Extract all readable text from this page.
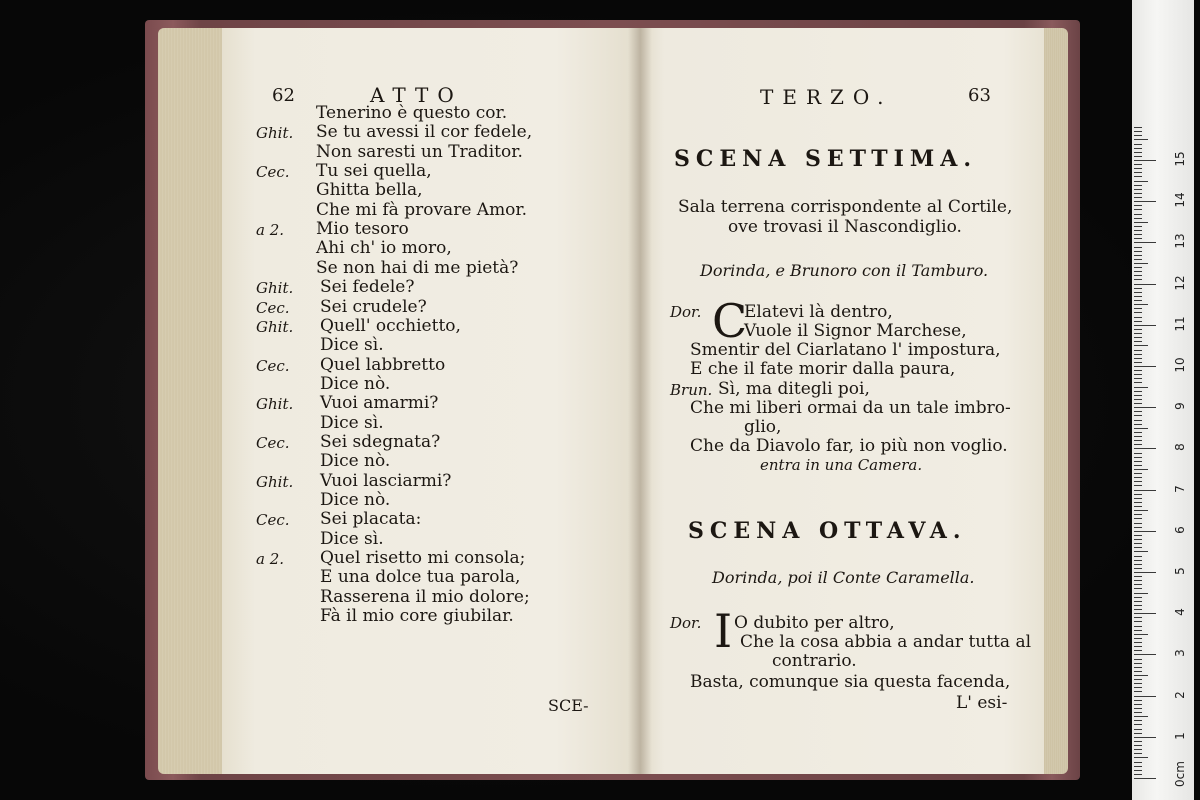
62	ATTO
Tenerino è questo cor.
Ghit. Se tu avessi il cor fedele,
Non saresti un Traditor.
Cec. Tu sei quella,
Ghitta bella,
Che mi fà provare Amor.
a 2. Mio tesoro
Ahi ch' io moro,
Se non hai di me pietà?
Ghit. Sei fedele?
Cec. Sei crudele?
Ghit. Quell' occhietto,
Dice sì.
Cec. Quel labbretto
Dice nò.
Ghit. Vuoi amarmi?
Dice sì.
Cec. Sei sdegnata?
Dice nò.
Ghit. Vuoi lasciarmi?
Dice nò.
Cec. Sei placata:
Dice sì.
a 2. Quel risetto mi consola;
E una dolce tua parola,
Rasserena il mio dolore;
Fà il mio core giubilar.
SCE-
TERZO.	63
SCENA SETTIMA.
Sala terrena corrispondente al Cortile,
ove trovasi il Nascondiglio.
Dorinda, e Brunoro con il Tamburo.
Dor. C
Elatevi là dentro,
Vuole il Signor Marchese,
Smentir del Ciarlatano l' impostura,
E che il fate morir dalla paura,
Brun. Sì, ma ditegli poi,
Che mi liberi ormai da un tale imbro-
glio,
Che da Diavolo far, io più non voglio.
entra in una Camera.
SCENA OTTAVA.
Dorinda, poi il Conte Caramella.
Dor. I O dubito per altro,
Che la cosa abbia a andar tutta al
contrario.
Basta, comunque sia questa facenda,
L' esi-
0cm
1
2
3
4
5
6
7
8
9
10
11
12
13
14
15
